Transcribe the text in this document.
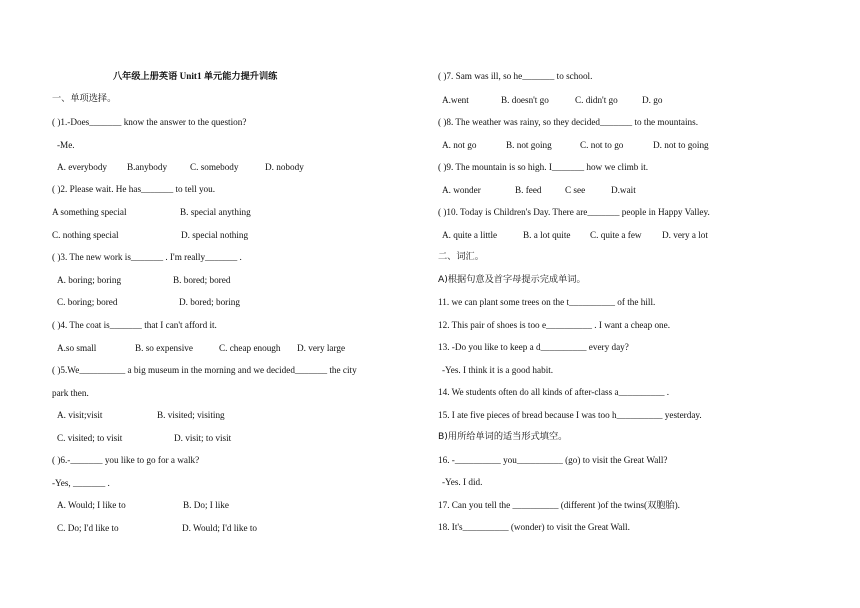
八年级上册英语 Unit1 单元能力提升训练
一、单项选择。
( )1.-Does_______ know the answer to the question?
-Me.
A. everybody B.anybody C. somebody	D. nobody
( )2. Please wait. He has_______ to tell you.
A something special	B. special anything
C. nothing special	D. special nothing
( )3. The new work is_______ . I'm really_______ .
A. boring; boring	B. bored; bored
C. boring; bored	D. bored; boring
( )4. The coat is_______ that I can't afford it.
A.so small	B. so expensive	C. cheap enough D. very large
( )5.We__________ a big museum in the morning and we decided_______ the city
park then.
A. visit;visit	B. visited; visiting
C. visited; to visit	D. visit; to visit
( )6.-_______ you like to go for a walk?
-Yes, _______ .
A. Would; I like to	B. Do; I like
C. Do; I'd like to	D. Would; I'd like to
( )7. Sam was ill, so he_______ to school.
A.went	B. doesn't go	C. didn't go	D. go
( )8. The weather was rainy, so they decided_______ to the mountains.
A. not go	B. not going	C. not to go	D. not to going
( )9. The mountain is so high. I_______ how we climb it.
A. wonder	B. feed	C see	D.wait
( )10. Today is Children's Day. There are_______ people in Happy Valley.
A. quite a little	B. a lot quite C. quite a few D. very a lot
二、词汇。
A)根据句意及首字母提示完成单词。
11. we can plant some trees on the t__________ of the hill.
12. This pair of shoes is too e__________ . I want a cheap one.
13. -Do you like to keep a d__________ every day?
-Yes. I think it is a good habit.
14. We students often do all kinds of after-class a__________ .
15. I ate five pieces of bread because I was too h__________ yesterday.
B)用所给单词的适当形式填空。
16. -__________ you__________ (go) to visit the Great Wall?
-Yes. I did.
17. Can you tell the __________ (different )of the twins(双胞胎).
18. It's__________ (wonder) to visit the Great Wall.
